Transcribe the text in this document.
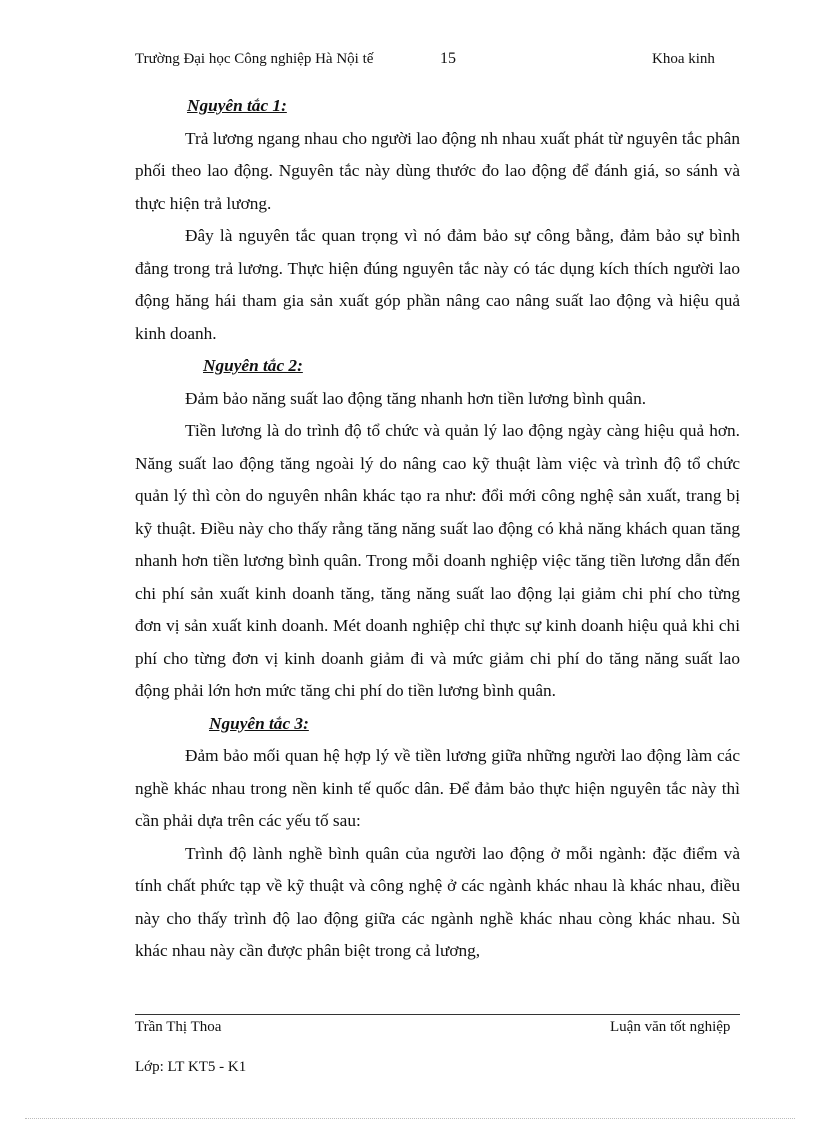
Trường Đại học Công nghiệp Hà Nội tế	15	Khoa kinh

Nguyên tắc 1:

Trả lương ngang nhau cho người lao động nh nhau xuất phát từ nguyên tắc phân phối theo lao động. Nguyên tắc này dùng thước đo lao động để đánh giá, so sánh và thực hiện trả lương.

Đây là nguyên tắc quan trọng vì nó đảm bảo sự công bằng, đảm bảo sự bình đẳng trong trả lương. Thực hiện đúng nguyên tắc này có tác dụng kích thích người lao động hăng hái tham gia sản xuất góp phần nâng cao nâng suất lao động và hiệu quả kinh doanh.

Nguyên tắc 2:

Đảm bảo năng suất lao động tăng nhanh hơn tiền lương bình quân.

Tiền lương là do trình độ tổ chức và quản lý lao động ngày càng hiệu quả hơn. Năng suất lao động tăng ngoài lý do nâng cao kỹ thuật làm việc và trình độ tổ chức quản lý thì còn do nguyên nhân khác tạo ra như: đổi mới công nghệ sản xuất, trang bị kỹ thuật. Điều này cho thấy rằng tăng năng suất lao động có khả năng khách quan tăng nhanh hơn tiền lương bình quân. Trong mỗi doanh nghiệp việc tăng tiền lương dẫn đến chi phí sản xuất kinh doanh tăng, tăng năng suất lao động lại giảm chi phí cho từng đơn vị sản xuất kinh doanh. Mét doanh nghiệp chỉ thực sự kinh doanh hiệu quả khi chi phí cho từng đơn vị kinh doanh giảm đi và mức giảm chi phí do tăng năng suất lao động phải lớn hơn mức tăng chi phí do tiền lương bình quân.

Nguyên tắc 3:

Đảm bảo mối quan hệ hợp lý về tiền lương giữa những người lao động làm các nghề khác nhau trong nền kinh tế quốc dân. Để đảm bảo thực hiện nguyên tắc này thì cần phải dựa trên các yếu tố sau:

Trình độ lành nghề bình quân của người lao động ở mỗi ngành: đặc điểm và tính chất phức tạp về kỹ thuật và công nghệ ở các ngành khác nhau là khác nhau, điều này cho thấy trình độ lao động giữa các ngành nghề khác nhau còng khác nhau. Sù khác nhau này cần được phân biệt trong cả lương,

Trần Thị Thoa	Luận văn tốt nghiệp
Lớp: LT KT5 - K1
